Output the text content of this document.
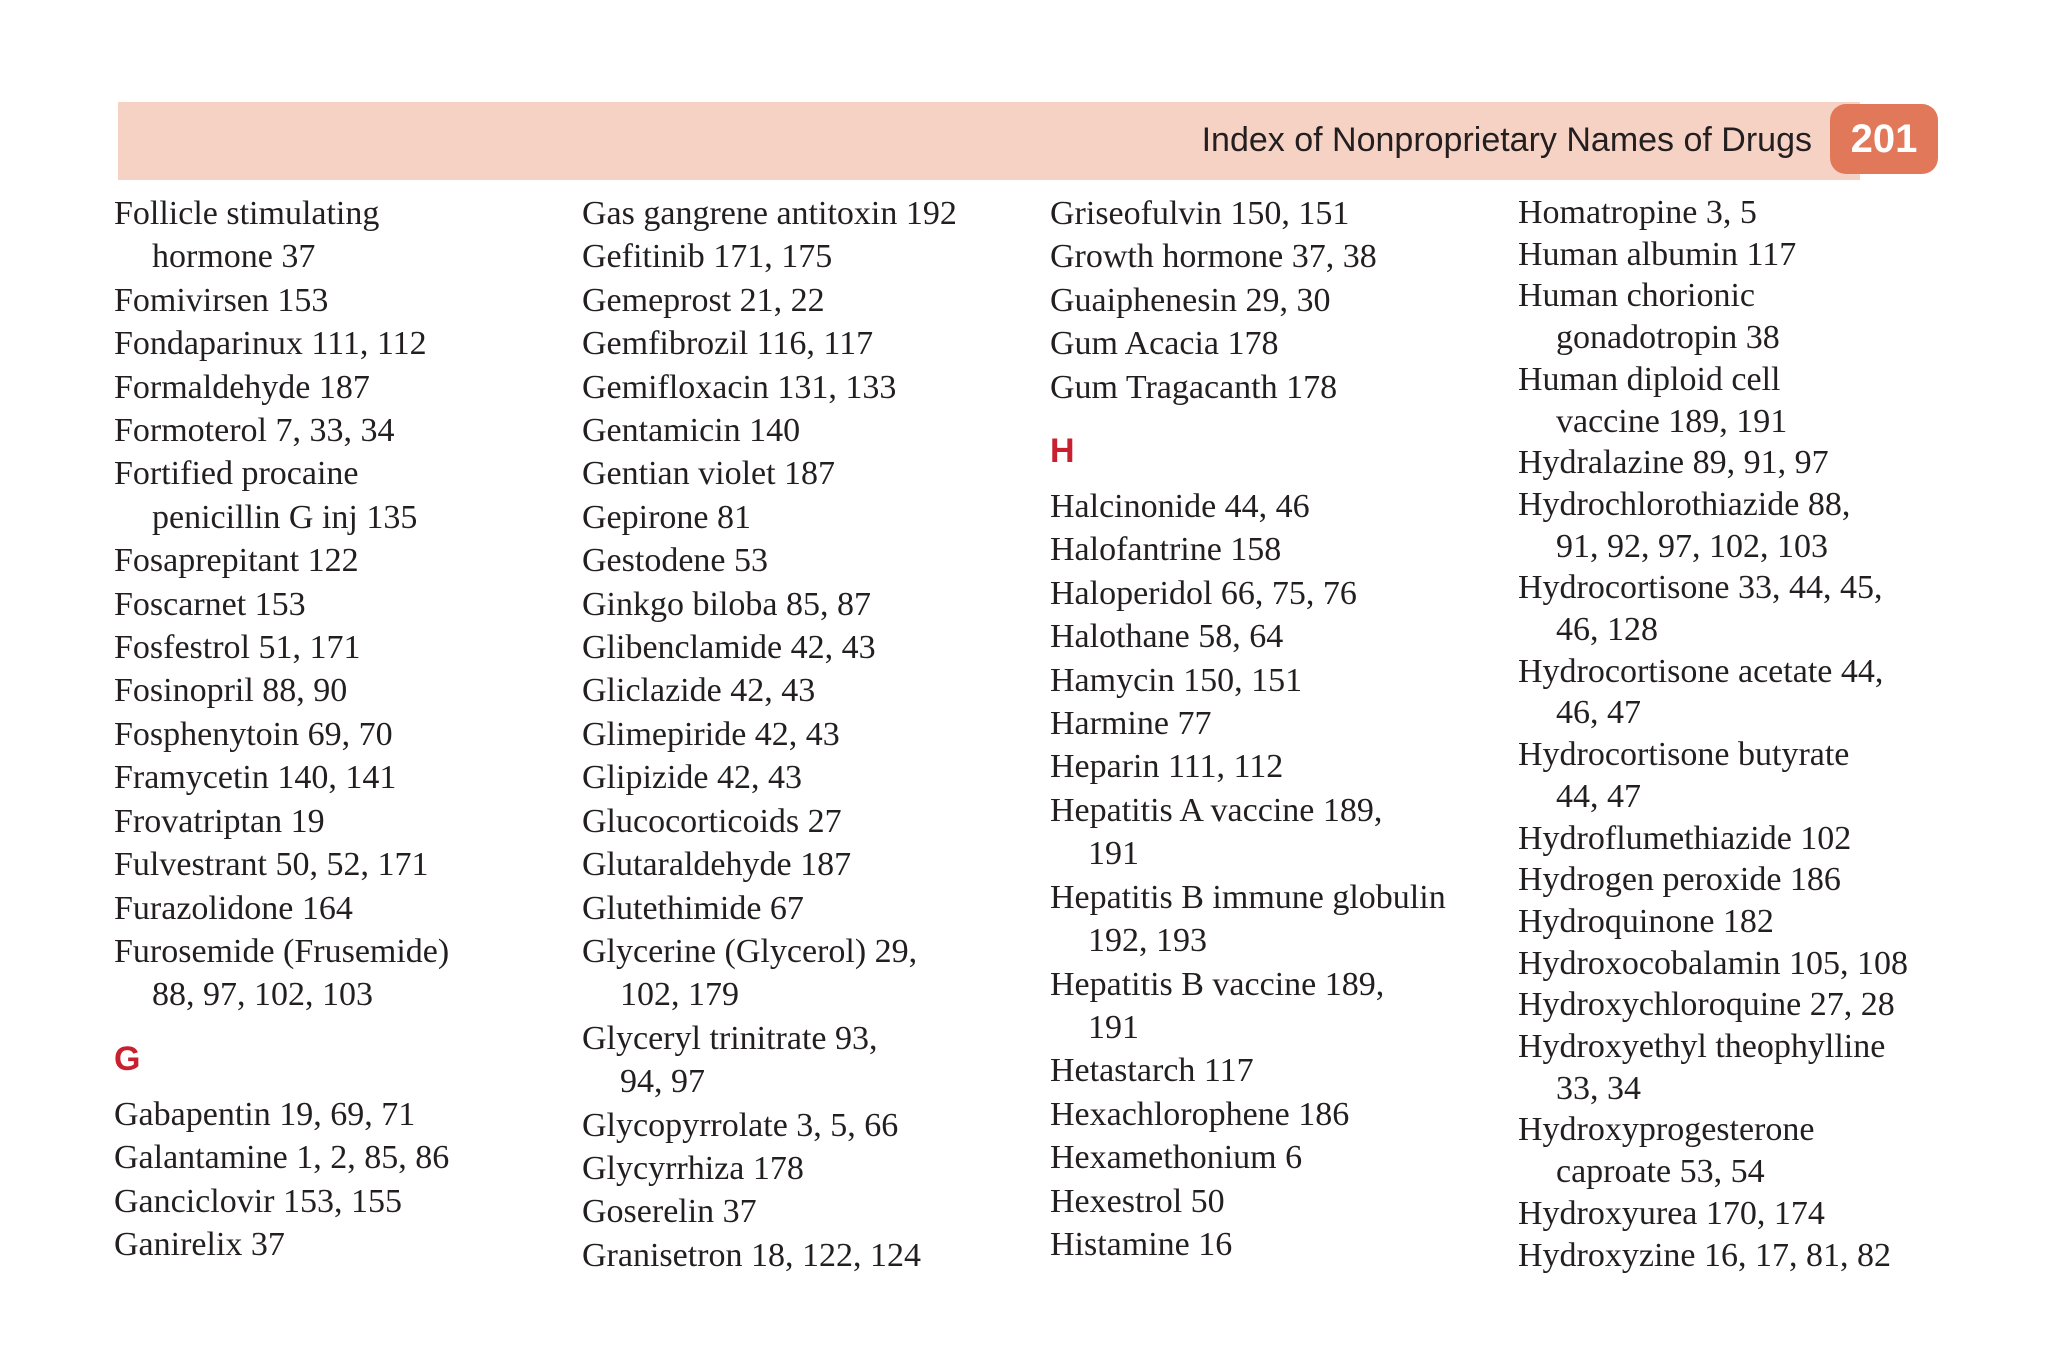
Index of Nonproprietary Names of Drugs 201
Follicle stimulating
hormone 37
Fomivirsen 153
Fondaparinux 111, 112
Formaldehyde 187
Formoterol 7, 33, 34
Fortified procaine
penicillin G inj 135
Fosaprepitant 122
Foscarnet 153
Fosfestrol 51, 171
Fosinopril 88, 90
Fosphenytoin 69, 70
Framycetin 140, 141
Frovatriptan 19
Fulvestrant 50, 52, 171
Furazolidone 164
Furosemide (Frusemide)
88, 97, 102, 103
G
Gabapentin 19, 69, 71
Galantamine 1, 2, 85, 86
Ganciclovir 153, 155
Ganirelix 37
Gas gangrene antitoxin 192
Gefitinib 171, 175
Gemeprost 21, 22
Gemfibrozil 116, 117
Gemifloxacin 131, 133
Gentamicin 140
Gentian violet 187
Gepirone 81
Gestodene 53
Ginkgo biloba 85, 87
Glibenclamide 42, 43
Gliclazide 42, 43
Glimepiride 42, 43
Glipizide 42, 43
Glucocorticoids 27
Glutaraldehyde 187
Glutethimide 67
Glycerine (Glycerol) 29,
102, 179
Glyceryl trinitrate 93,
94, 97
Glycopyrrolate 3, 5, 66
Glycyrrhiza 178
Goserelin 37
Granisetron 18, 122, 124
Griseofulvin 150, 151
Growth hormone 37, 38
Guaiphenesin 29, 30
Gum Acacia 178
Gum Tragacanth 178
H
Halcinonide 44, 46
Halofantrine 158
Haloperidol 66, 75, 76
Halothane 58, 64
Hamycin 150, 151
Harmine 77
Heparin 111, 112
Hepatitis A vaccine 189,
191
Hepatitis B immune globulin
192, 193
Hepatitis B vaccine 189,
191
Hetastarch 117
Hexachlorophene 186
Hexamethonium 6
Hexestrol 50
Histamine 16
Homatropine 3, 5
Human albumin 117
Human chorionic
gonadotropin 38
Human diploid cell
vaccine 189, 191
Hydralazine 89, 91, 97
Hydrochlorothiazide 88,
91, 92, 97, 102, 103
Hydrocortisone 33, 44, 45,
46, 128
Hydrocortisone acetate 44,
46, 47
Hydrocortisone butyrate
44, 47
Hydroflumethiazide 102
Hydrogen peroxide 186
Hydroquinone 182
Hydroxocobalamin 105, 108
Hydroxychloroquine 27, 28
Hydroxyethyl theophylline
33, 34
Hydroxyprogesterone
caproate 53, 54
Hydroxyurea 170, 174
Hydroxyzine 16, 17, 81, 82
